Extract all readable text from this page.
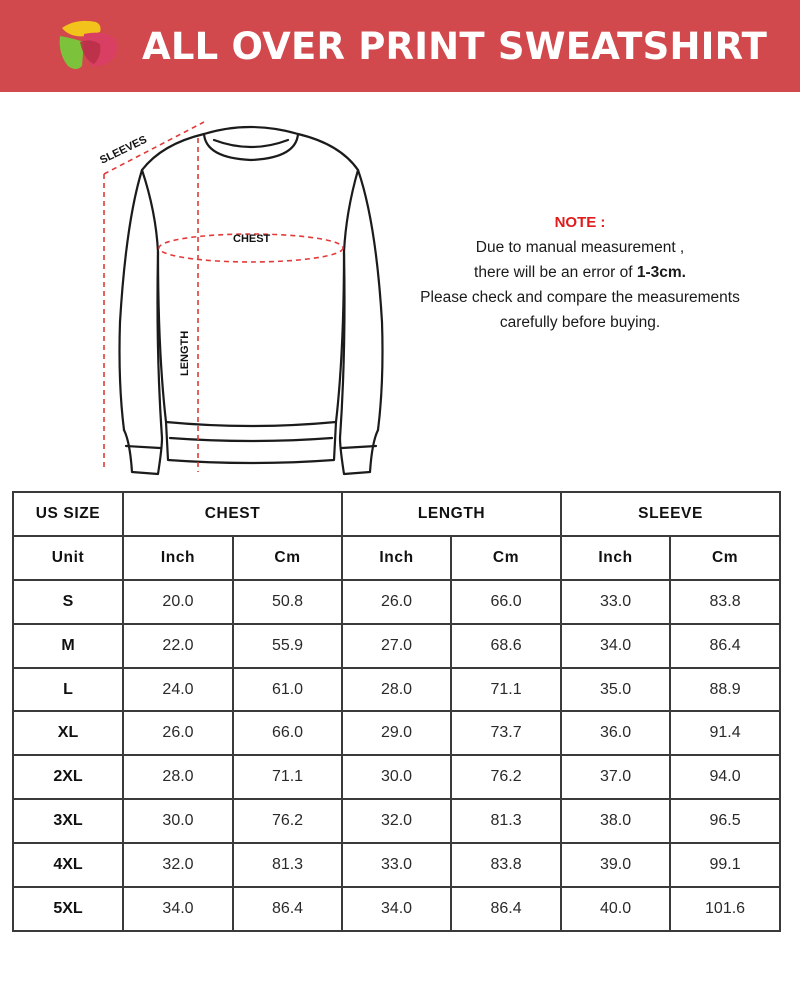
ALL OVER PRINT SWEATSHIRT
SLEEVES
CHEST
LENGTH
NOTE :
Due to manual measurement ,
there will be an error of 1-3cm.
Please check and compare the measurements
carefully before buying.
US SIZE	CHEST		LENGTH		SLEEVE	
Unit	Inch	Cm	Inch	Cm	Inch	Cm
S	20.0	50.8	26.0	66.0	33.0	83.8
M	22.0	55.9	27.0	68.6	34.0	86.4
L	24.0	61.0	28.0	71.1	35.0	88.9
XL	26.0	66.0	29.0	73.7	36.0	91.4
2XL	28.0	71.1	30.0	76.2	37.0	94.0
3XL	30.0	76.2	32.0	81.3	38.0	96.5
4XL	32.0	81.3	33.0	83.8	39.0	99.1
5XL	34.0	86.4	34.0	86.4	40.0	101.6
